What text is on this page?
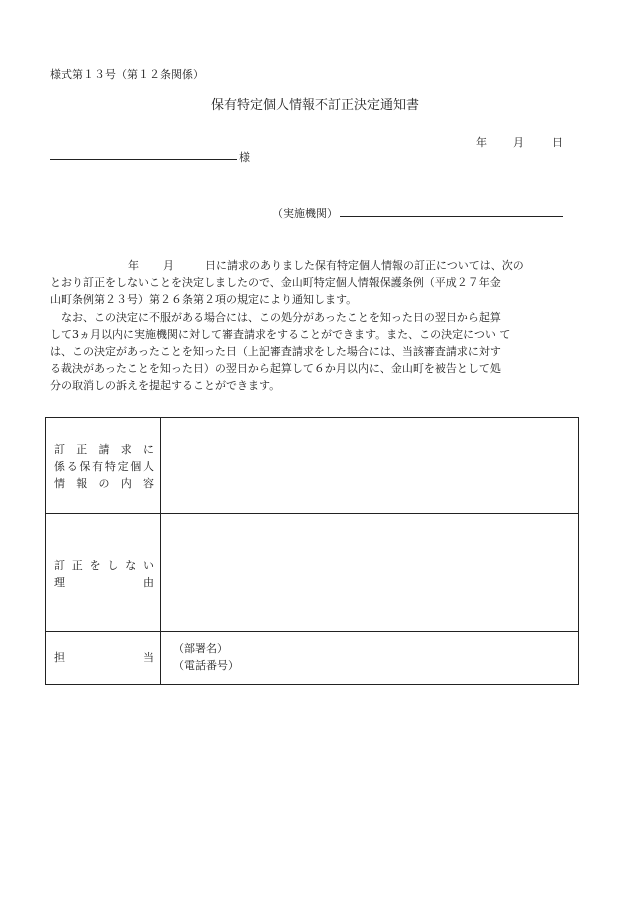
様式第１３号（第１２条関係）
保有特定個人情報不訂正決定通知書
年 月	日
様
（実施機関）
年 月	日に請求のありました保有特定個人情報の訂正については、次の
とおり訂正をしないことを決定しましたので、金山町特定個人情報保護条例（平成２７年金
山町条例第２３号）第２６条第２項の規定により通知します。
　なお、この決定に不服がある場合には、この処分があったことを知った日の翌日から起算
して3ヵ月以内に実施機関に対して審査請求をすることができます。また、この決定につい て
は、この決定があったことを知った日（上記審査請求をした場合には、当該審査請求に対す
る裁決があったことを知った日）の翌日から起算して６か月以内に、金山町を被告として処
分の取消しの訴えを提起することができます。
訂正請求に
係る保有特定個人
情報の内容
訂正をしない
理由
担当
（部署名）
（電話番号）
